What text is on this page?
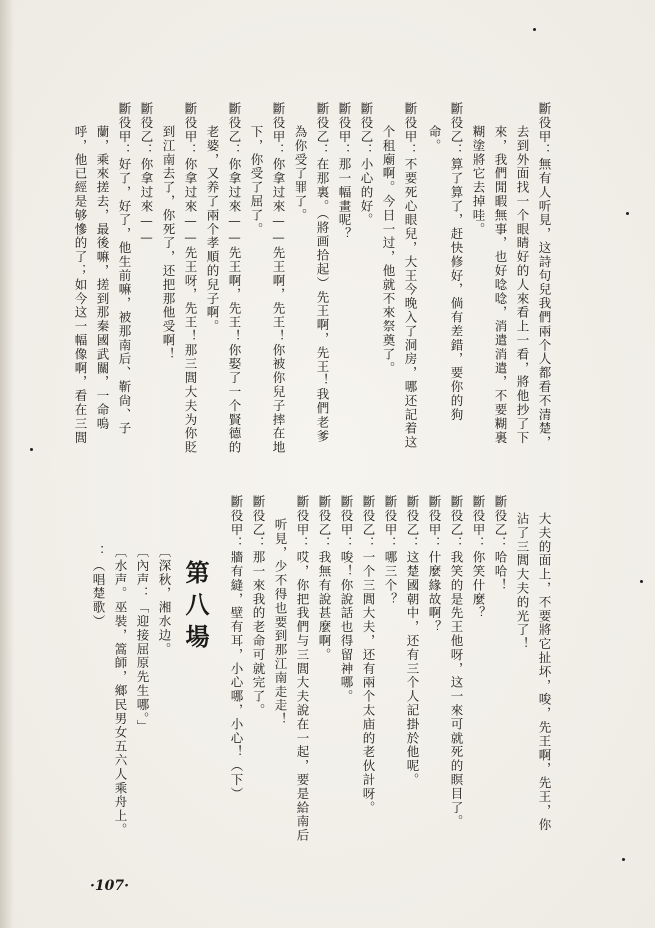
斷役甲：無有人听見，这詩句兒我們兩个人都看不清楚，
去到外面找一个眼睛好的人來看上一看，將他抄了下
來，我們閒暇無事，也好唸唸，消遣消遣，不要糊裏
糊塗將它去掉哇。
斷役乙：算了算了，赶快修好，倘有差錯，要你的狗
命。
斷役甲：不要死心眼兒，大王今晚入了洞房，哪还記着这
个租廟啊。今日一过，他就不來祭奠了。
斷役乙：小心的好。
斷役甲：那一幅畫呢？
斷役乙：在那裏。（將画拾起）先王啊，先王！我們老爹
為你受了罪了。
斷役甲：你拿过來——先王啊，先王！你被你兒子摔在地
下，你受了屈了。
斷役乙：你拿过來——先王啊，先王！你娶了一个賢德的
老婆，又养了兩个孝順的兒子啊。
斷役甲：你拿过來——先王呀，先王！那三閭大夫为你貶
到江南去了，你死了，还把那他受啊！
斷役乙：你拿过來——
斷役甲：好了，好了，他生前嘛，被那南后、靳尙、子
蘭，乘來搓去，最後嘛，搓到那秦國武關，一命嗚
呼，他已經是够慘的了；如今这一幅像啊，看在三閭
大夫的面上，不要將它扯坏，唆，先王啊，先王，你
沾了三閭大夫的光了！
斷役乙：哈哈！
斷役甲：你笑什麼？
斷役乙：我笑的是先王他呀，这一來可就死的瞑目了。
斷役甲：什麼緣故啊？
斷役乙：这楚國朝中，还有三个人記掛於他呢。
斷役甲：哪三个？
斷役乙：一个三閭大夫，还有兩个太庙的老伙計呀。
斷役甲：唆！你說話也得留神哪。
斷役乙：我無有說甚麼啊。
斷役甲：哎，你把我們与三閭大夫說在一起，要是給南后
听見，少不得也要到那江南走走！
斷役乙：那一來我的老命可就完了。
斷役甲：牆有縫，壁有耳，小心哪，小心！（下）
第八場
〔深秋，湘水边。
〔內声：「迎接屈原先生哪。」
〔水声。巫裝，篙師，鄉民男女五六人乘舟上。
：（唱楚歌）
·107·
